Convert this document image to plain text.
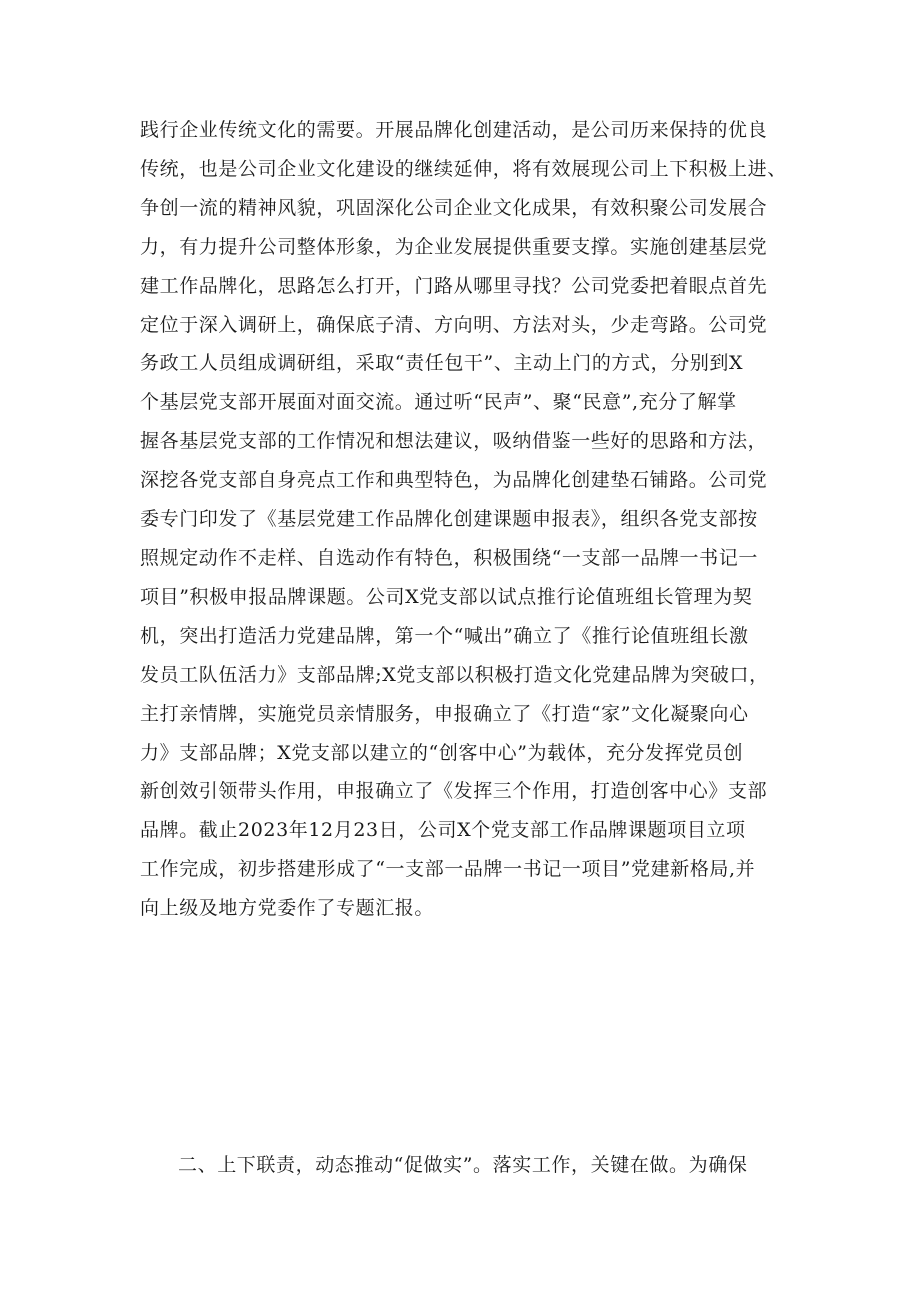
践行企业传统文化的需要。开展品牌化创建活动，是公司历来保持的优良
传统，也是公司企业文化建设的继续延伸，将有效展现公司上下积极上进、
争创一流的精神风貌，巩固深化公司企业文化成果，有效积聚公司发展合
力，有力提升公司整体形象，为企业发展提供重要支撑。实施创建基层党
建工作品牌化，思路怎么打开，门路从哪里寻找？公司党委把着眼点首先
定位于深入调研上，确保底子清、方向明、方法对头，少走弯路。公司党
务政工人员组成调研组，采取“责任包干”、主动上门的方式，分别到X
个基层党支部开展面对面交流。通过听“民声”、聚“民意”,充分了解掌
握各基层党支部的工作情况和想法建议，吸纳借鉴一些好的思路和方法，
深挖各党支部自身亮点工作和典型特色，为品牌化创建垫石铺路。公司党
委专门印发了《基层党建工作品牌化创建课题申报表》，组织各党支部按
照规定动作不走样、自选动作有特色，积极围绕“一支部一品牌一书记一
项目”积极申报品牌课题。公司X党支部以试点推行论值班组长管理为契
机，突出打造活力党建品牌，第一个“喊出”确立了《推行论值班组长激
发员工队伍活力》支部品牌;X党支部以积极打造文化党建品牌为突破口，
主打亲情牌，实施党员亲情服务，申报确立了《打造“家”文化凝聚向心
力》支部品牌；X党支部以建立的“创客中心”为载体，充分发挥党员创
新创效引领带头作用，申报确立了《发挥三个作用，打造创客中心》支部
品牌。截止2023年12月23日，公司X个党支部工作品牌课题项目立项
工作完成，初步搭建形成了“一支部一品牌一书记一项目”党建新格局,并
向上级及地方党委作了专题汇报。
二、上下联责，动态推动“促做实”。落实工作，关键在做。为确保
